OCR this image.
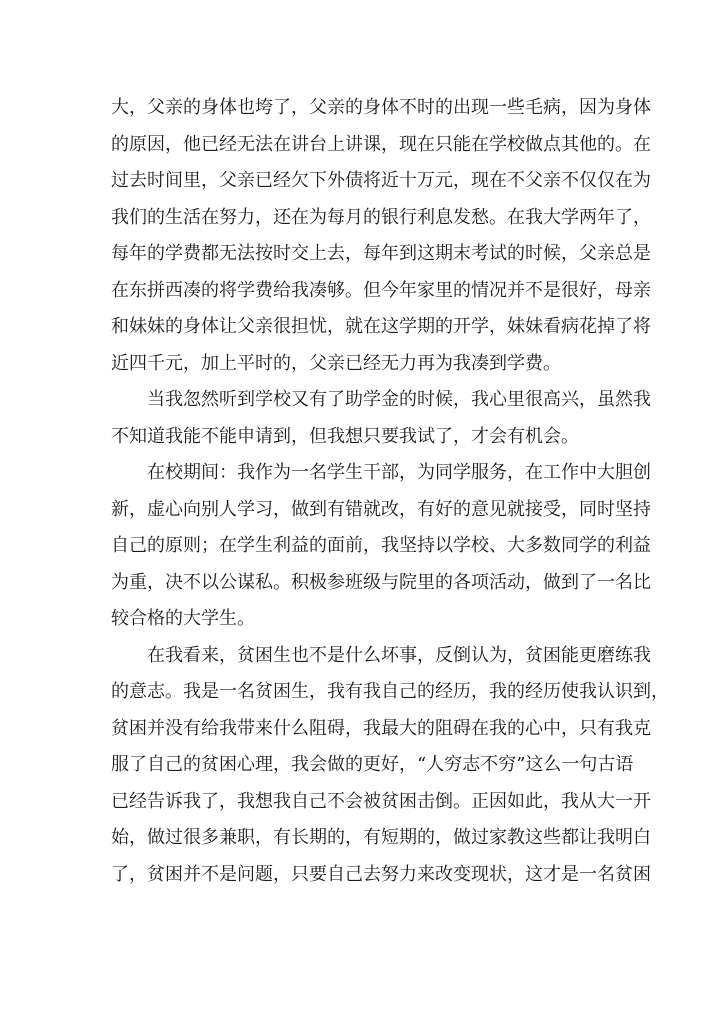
大，父亲的身体也垮了，父亲的身体不时的出现一些毛病，因为身体
的原因，他已经无法在讲台上讲课，现在只能在学校做点其他的。在
过去时间里，父亲已经欠下外债将近十万元，现在不父亲不仅仅在为
我们的生活在努力，还在为每月的银行利息发愁。在我大学两年了，
每年的学费都无法按时交上去，每年到这期末考试的时候，父亲总是
在东拼西凑的将学费给我凑够。但今年家里的情况并不是很好，母亲
和妹妹的身体让父亲很担忧，就在这学期的开学，妹妹看病花掉了将
近四千元，加上平时的，父亲已经无力再为我凑到学费。
当我忽然听到学校又有了助学金的时候，我心里很高兴，虽然我
不知道我能不能申请到，但我想只要我试了，才会有机会。
在校期间：我作为一名学生干部，为同学服务，在工作中大胆创
新，虚心向别人学习，做到有错就改，有好的意见就接受，同时坚持
自己的原则；在学生利益的面前，我坚持以学校、大多数同学的利益
为重，决不以公谋私。积极参班级与院里的各项活动，做到了一名比
较合格的大学生。
在我看来，贫困生也不是什么坏事，反倒认为，贫困能更磨练我
的意志。我是一名贫困生，我有我自己的经历，我的经历使我认识到，
贫困并没有给我带来什么阻碍，我最大的阻碍在我的心中，只有我克
服了自己的贫困心理，我会做的更好，“人穷志不穷”这么一句古语
已经告诉我了，我想我自己不会被贫困击倒。正因如此，我从大一开
始，做过很多兼职，有长期的，有短期的，做过家教这些都让我明白
了，贫困并不是问题，只要自己去努力来改变现状，这才是一名贫困
